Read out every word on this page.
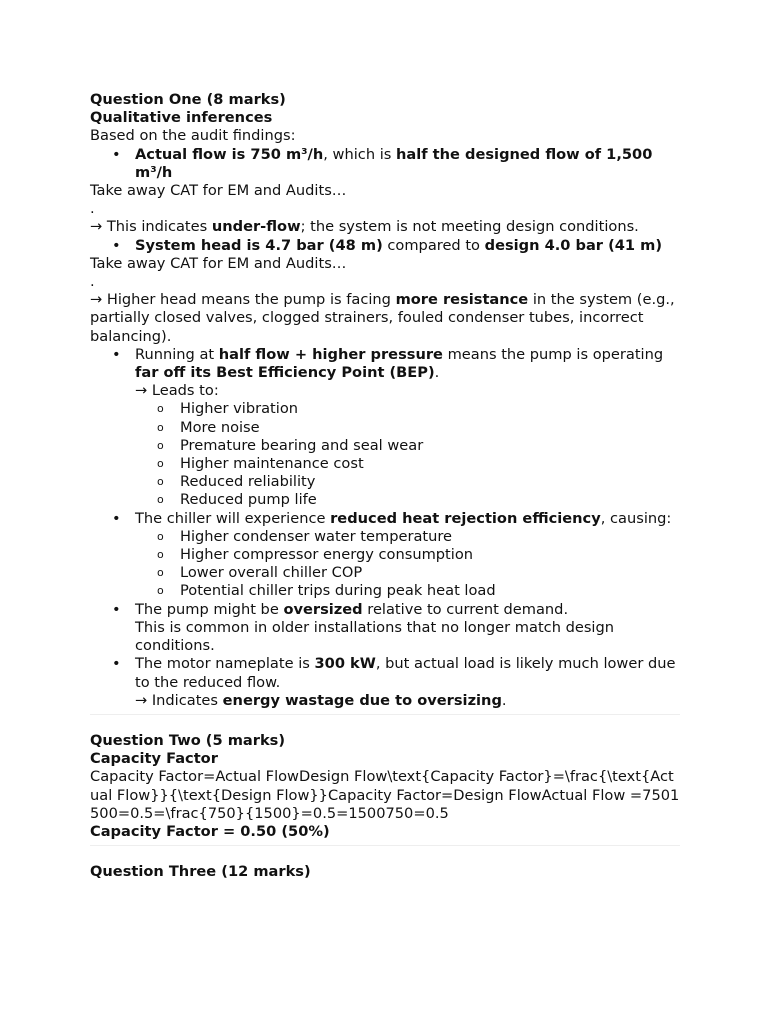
Question One (8 marks)
Qualitative inferences
Based on the audit findings:
• Actual flow is 750 m³/h, which is half the designed flow of 1,500 m³/h
Take away CAT for EM and Audits…
.
→ This indicates under-flow; the system is not meeting design conditions.
• System head is 4.7 bar (48 m) compared to design 4.0 bar (41 m)
Take away CAT for EM and Audits…
.
→ Higher head means the pump is facing more resistance in the system (e.g., partially closed valves, clogged strainers, fouled condenser tubes, incorrect balancing).
• Running at half flow + higher pressure means the pump is operating far off its Best Efficiency Point (BEP).
→ Leads to:
o Higher vibration
o More noise
o Premature bearing and seal wear
o Higher maintenance cost
o Reduced reliability
o Reduced pump life
• The chiller will experience reduced heat rejection efficiency, causing:
o Higher condenser water temperature
o Higher compressor energy consumption
o Lower overall chiller COP
o Potential chiller trips during peak heat load
• The pump might be oversized relative to current demand.
This is common in older installations that no longer match design conditions.
• The motor nameplate is 300 kW, but actual load is likely much lower due to the reduced flow.
→ Indicates energy wastage due to oversizing.
Question Two (5 marks)
Capacity Factor
Capacity Factor=Actual FlowDesign Flow\text{Capacity Factor}=\frac{\text{Actual Flow}}{\text{Design Flow}}Capacity Factor=Design FlowActual Flow =7501500=0.5=\frac{750}{1500}=0.5=1500750=0.5
Capacity Factor = 0.50 (50%)
Question Three (12 marks)
